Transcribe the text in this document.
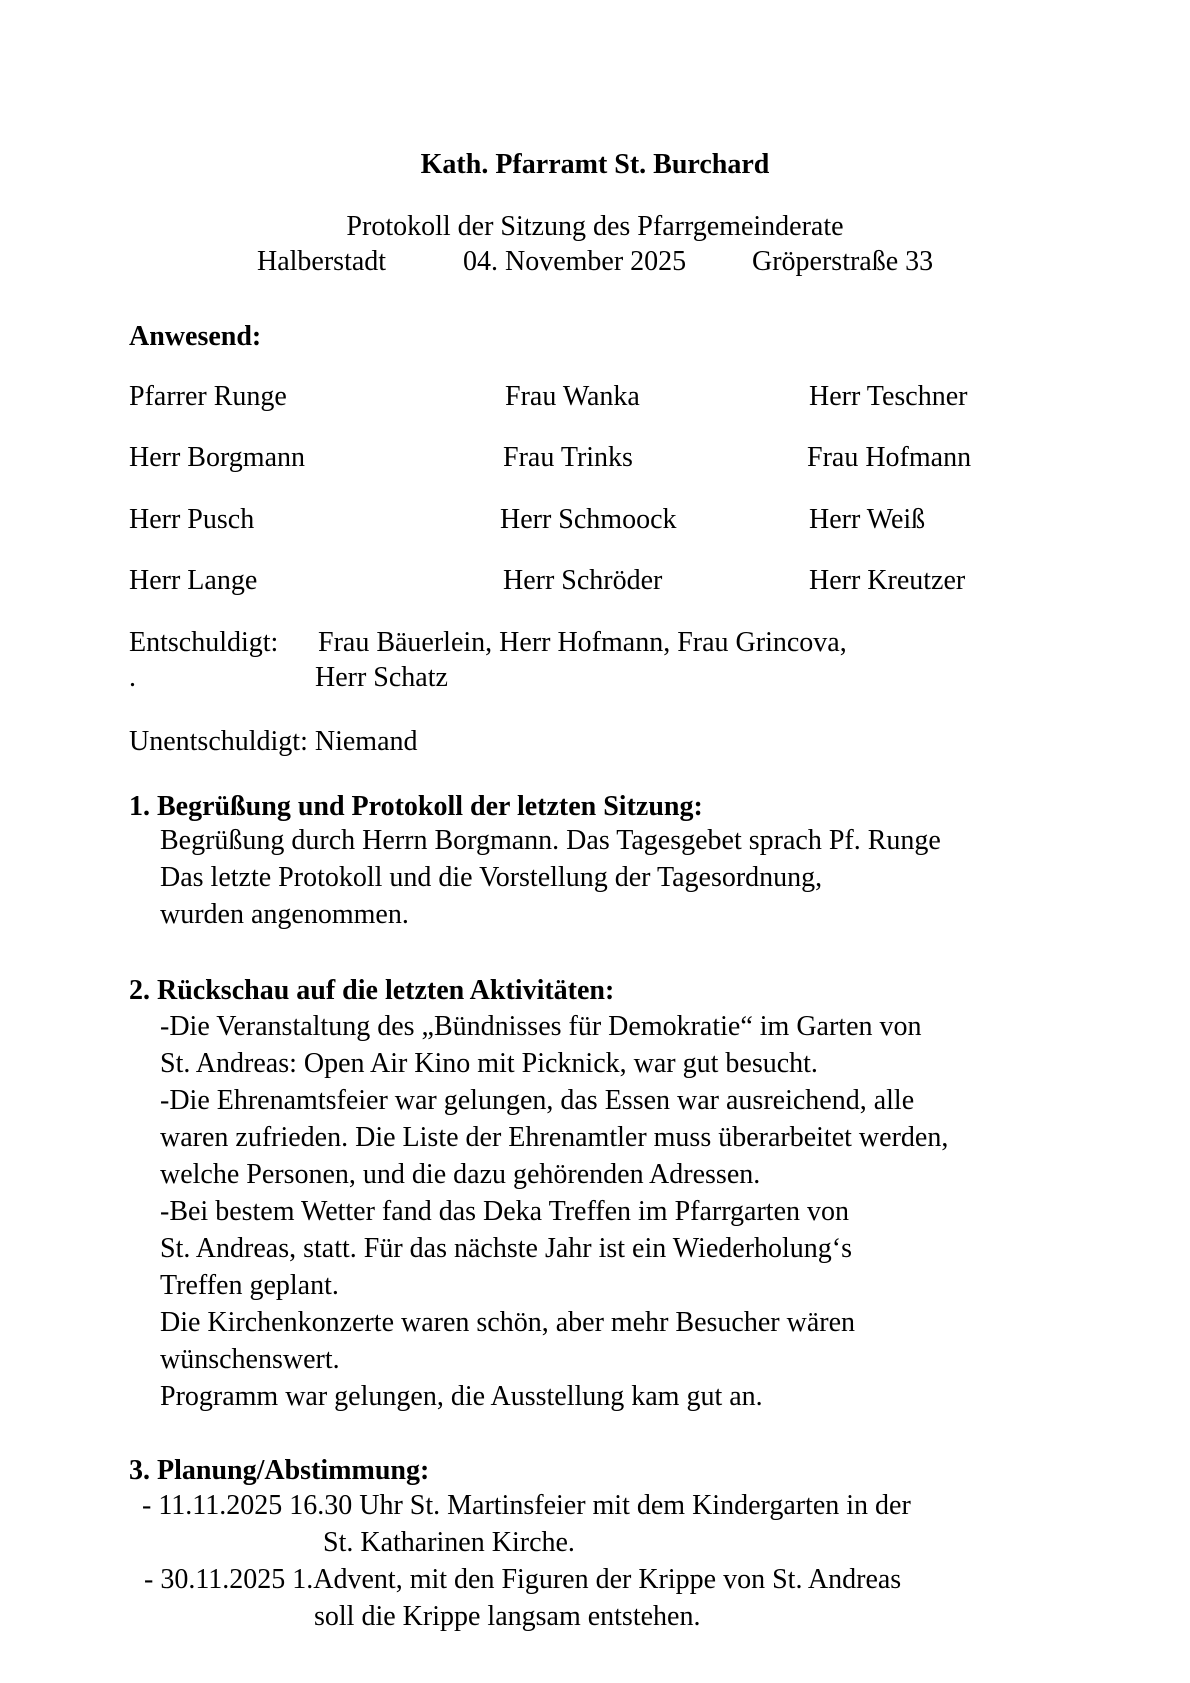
Kath. Pfarramt St. Burchard
Protokoll der Sitzung des Pfarrgemeinderate
Halberstadt	04. November 2025 Gröperstraße 33
Anwesend:
Pfarrer Runge	Frau Wanka	Herr Teschner
Herr Borgmann	Frau Trinks	Frau Hofmann
Herr Pusch	Herr Schmoock	Herr Weiß
Herr Lange	Herr Schröder	Herr Kreutzer
Entschuldigt: Frau Bäuerlein, Herr Hofmann, Frau Grincova,
.	Herr Schatz
Unentschuldigt: Niemand
1. Begrüßung und Protokoll der letzten Sitzung:
Begrüßung durch Herrn Borgmann. Das Tagesgebet sprach Pf. Runge
Das letzte Protokoll und die Vorstellung der Tagesordnung,
wurden angenommen.
2. Rückschau auf die letzten Aktivitäten:
-Die Veranstaltung des „Bündnisses für Demokratie“ im Garten von
St. Andreas: Open Air Kino mit Picknick, war gut besucht.
-Die Ehrenamtsfeier war gelungen, das Essen war ausreichend, alle
waren zufrieden. Die Liste der Ehrenamtler muss überarbeitet werden,
welche Personen, und die dazu gehörenden Adressen.
-Bei bestem Wetter fand das Deka Treffen im Pfarrgarten von
St. Andreas, statt. Für das nächste Jahr ist ein Wiederholung‘s
Treffen geplant.
Die Kirchenkonzerte waren schön, aber mehr Besucher wären
wünschenswert.
Programm war gelungen, die Ausstellung kam gut an.
3. Planung/Abstimmung:
- 11.11.2025 16.30 Uhr St. Martinsfeier mit dem Kindergarten in der
St. Katharinen Kirche.
- 30.11.2025 1.Advent, mit den Figuren der Krippe von St. Andreas
soll die Krippe langsam entstehen.
